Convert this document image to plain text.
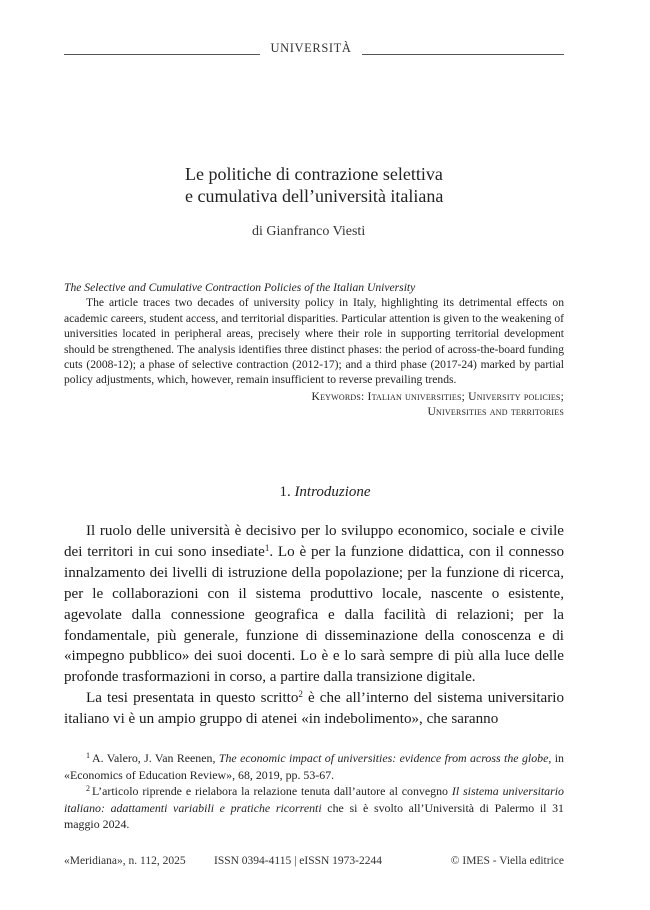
UNIVERSITÀ
Le politiche di contrazione selettiva
e cumulativa dell’università italiana
di Gianfranco Viesti
The Selective and Cumulative Contraction Policies of the Italian University

The article traces two decades of university policy in Italy, highlighting its detrimental effects on academic careers, student access, and territorial disparities. Particular attention is given to the weakening of universities located in peripheral areas, precisely where their role in supporting territorial development should be strengthened. The analysis identifies three distinct phases: the period of across-the-board funding cuts (2008-12); a phase of selective contraction (2012-17); and a third phase (2017-24) marked by partial policy adjustments, which, however, remain insufficient to reverse prevailing trends.

Keywords: Italian universities; University policies;
Universities and territories
1. Introduzione

Il ruolo delle università è decisivo per lo sviluppo economico, sociale e civile dei territori in cui sono insediate$^1$. Lo è per la funzione didattica, con il connesso innalzamento dei livelli di istruzione della popolazione; per la funzione di ricerca, per le collaborazioni con il sistema produttivo locale, nascente o esistente, agevolate dalla connessione geografica e dalla facilità di relazioni; per la fondamentale, più generale, funzione di disseminazione della conoscenza e di «impegno pubblico» dei suoi docenti. Lo è e lo sarà sempre di più alla luce delle profonde trasformazioni in corso, a partire dalla transizione digitale.

La tesi presentata in questo scritto$^2$ è che all’interno del sistema universitario italiano vi è un ampio gruppo di atenei «in indebolimento», che saranno

$^1$ A. Valero, J. Van Reenen, The economic impact of universities: evidence from across the globe, in «Economics of Education Review», 68, 2019, pp. 53-67.

$^2$ L’articolo riprende e rielabora la relazione tenuta dall’autore al convegno Il sistema universitario italiano: adattamenti variabili e pratiche ricorrenti che si è svolto all’Università di Palermo il 31 maggio 2024.

«Meridiana», n. 112, 2025 ISSN 0394-4115 | eISSN 1973-2244	© IMES - Viella editrice
